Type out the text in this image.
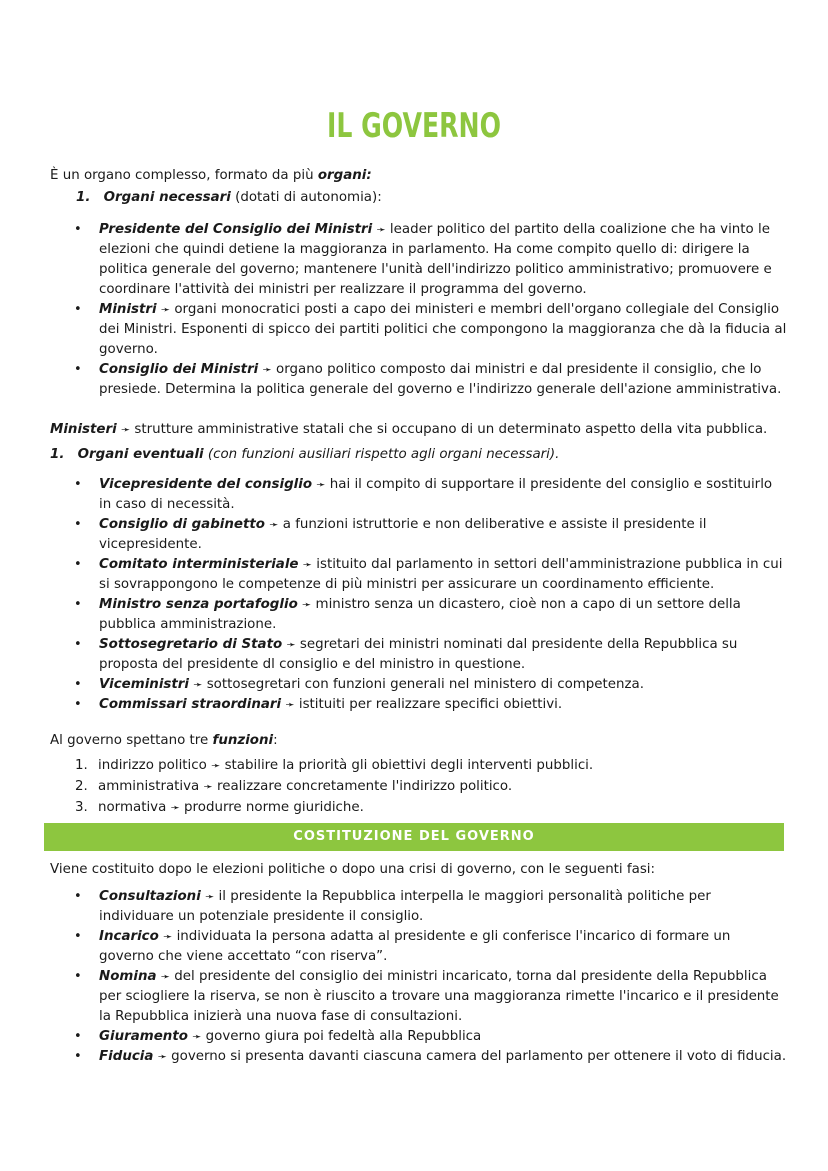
IL GOVERNO
È un organo complesso, formato da più organi:
1. Organi necessari (dotati di autonomia):
• Presidente del Consiglio dei Ministri ➛ leader politico del partito della coalizione che ha vinto le elezioni che quindi detiene la maggioranza in parlamento. Ha come compito quello di: dirigere la politica generale del governo; mantenere l'unità dell'indirizzo politico amministrativo; promuovere e coordinare l'attività dei ministri per realizzare il programma del governo.
• Ministri ➛ organi monocratici posti a capo dei ministeri e membri dell'organo collegiale del Consiglio dei Ministri. Esponenti di spicco dei partiti politici che compongono la maggioranza che dà la fiducia al governo.
• Consiglio dei Ministri ➛ organo politico composto dai ministri e dal presidente il consiglio, che lo presiede. Determina la politica generale del governo e l'indirizzo generale dell'azione amministrativa.
Ministeri ➛ strutture amministrative statali che si occupano di un determinato aspetto della vita pubblica.
1. Organi eventuali (con funzioni ausiliari rispetto agli organi necessari).
• Vicepresidente del consiglio ➛ hai il compito di supportare il presidente del consiglio e sostituirlo in caso di necessità.
• Consiglio di gabinetto ➛ a funzioni istruttorie e non deliberative e assiste il presidente il vicepresidente.
• Comitato interministeriale ➛ istituito dal parlamento in settori dell'amministrazione pubblica in cui si sovrappongono le competenze di più ministri per assicurare un coordinamento efficiente.
• Ministro senza portafoglio ➛ ministro senza un dicastero, cioè non a capo di un settore della pubblica amministrazione.
• Sottosegretario di Stato ➛ segretari dei ministri nominati dal presidente della Repubblica su proposta del presidente dl consiglio e del ministro in questione.
• Viceministri ➛ sottosegretari con funzioni generali nel ministero di competenza.
• Commissari straordinari ➛ istituiti per realizzare specifici obiettivi.
Al governo spettano tre funzioni:
1. indirizzo politico ➛ stabilire la priorità gli obiettivi degli interventi pubblici.
2. amministrativa ➛ realizzare concretamente l'indirizzo politico.
3. normativa ➛ produrre norme giuridiche.
COSTITUZIONE DEL GOVERNO
Viene costituito dopo le elezioni politiche o dopo una crisi di governo, con le seguenti fasi:
• Consultazioni ➛ il presidente la Repubblica interpella le maggiori personalità politiche per individuare un potenziale presidente il consiglio.
• Incarico ➛ individuata la persona adatta al presidente e gli conferisce l'incarico di formare un governo che viene accettato “con riserva”.
• Nomina ➛ del presidente del consiglio dei ministri incaricato, torna dal presidente della Repubblica per sciogliere la riserva, se non è riuscito a trovare una maggioranza rimette l'incarico e il presidente la Repubblica inizierà una nuova fase di consultazioni.
• Giuramento ➛ governo giura poi fedeltà alla Repubblica
• Fiducia ➛ governo si presenta davanti ciascuna camera del parlamento per ottenere il voto di fiducia.
